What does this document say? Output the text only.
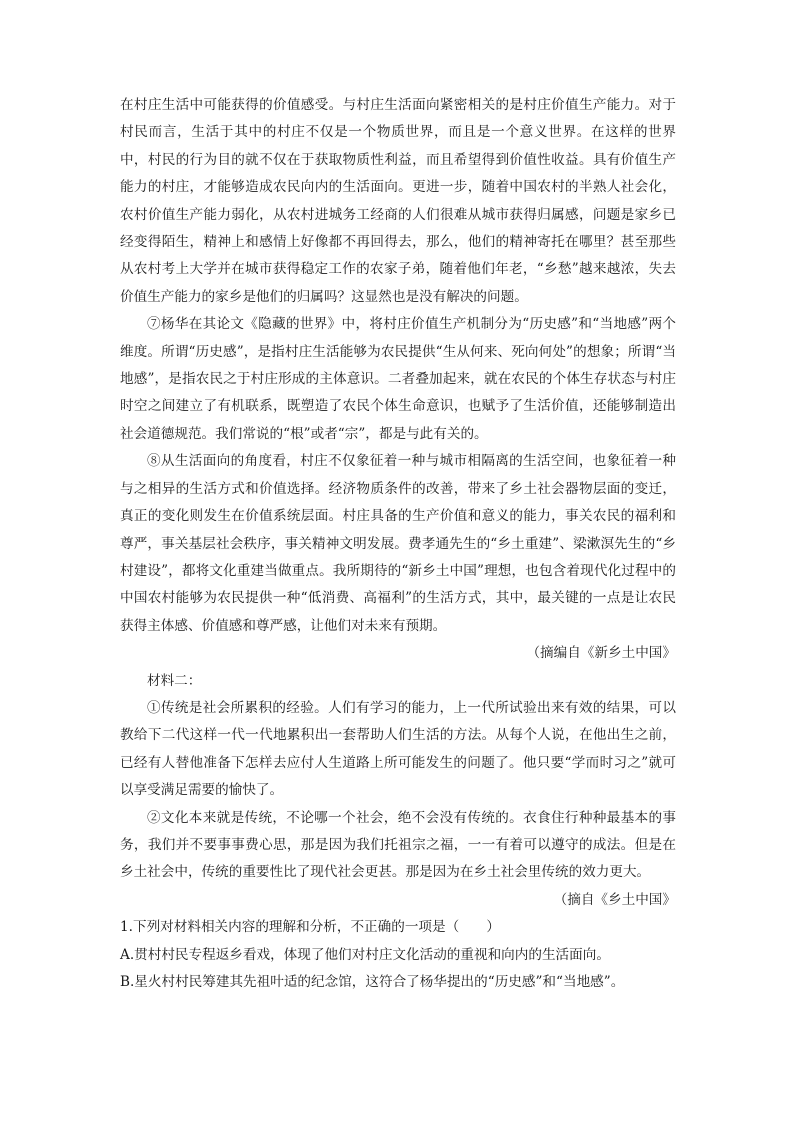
在村庄生活中可能获得的价值感受。与村庄生活面向紧密相关的是村庄价值生产能力。对于村民而言，生活于其中的村庄不仅是一个物质世界，而且是一个意义世界。在这样的世界中，村民的行为目的就不仅在于获取物质性利益，而且希望得到价值性收益。具有价值生产能力的村庄，才能够造成农民向内的生活面向。更进一步，随着中国农村的半熟人社会化，农村价值生产能力弱化，从农村进城务工经商的人们很难从城市获得归属感，问题是家乡已经变得陌生，精神上和感情上好像都不再回得去，那么，他们的精神寄托在哪里？甚至那些从农村考上大学并在城市获得稳定工作的农家子弟，随着他们年老，“乡愁”越来越浓，失去价值生产能力的家乡是他们的归属吗？这显然也是没有解决的问题。

⑦杨华在其论文《隐藏的世界》中，将村庄价值生产机制分为“历史感”和“当地感”两个维度。所谓“历史感”，是指村庄生活能够为农民提供“生从何来、死向何处”的想象；所谓“当地感”，是指农民之于村庄形成的主体意识。二者叠加起来，就在农民的个体生存状态与村庄时空之间建立了有机联系，既塑造了农民个体生命意识，也赋予了生活价值，还能够制造出社会道德规范。我们常说的“根”或者“宗”，都是与此有关的。

⑧从生活面向的角度看，村庄不仅象征着一种与城市相隔离的生活空间，也象征着一种与之相异的生活方式和价值选择。经济物质条件的改善，带来了乡土社会器物层面的变迁，真正的变化则发生在价值系统层面。村庄具备的生产价值和意义的能力，事关农民的福利和尊严，事关基层社会秩序，事关精神文明发展。费孝通先生的“乡土重建”、梁漱溟先生的“乡村建设”，都将文化重建当做重点。我所期待的“新乡土中国”理想，也包含着现代化过程中的中国农村能够为农民提供一种“低消费、高福利”的生活方式，其中，最关键的一点是让农民获得主体感、价值感和尊严感，让他们对未来有预期。

（摘编自《新乡土中国》

材料二：

①传统是社会所累积的经验。人们有学习的能力，上一代所试验出来有效的结果，可以教给下二代这样一代一代地累积出一套帮助人们生活的方法。从每个人说，在他出生之前，已经有人替他准备下怎样去应付人生道路上所可能发生的问题了。他只要“学而时习之”就可以享受满足需要的愉快了。

②文化本来就是传统，不论哪一个社会，绝不会没有传统的。衣食住行种种最基本的事务，我们并不要事事费心思，那是因为我们托祖宗之福，一一有着可以遵守的成法。但是在乡土社会中，传统的重要性比了现代社会更甚。那是因为在乡土社会里传统的效力更大。

（摘自《乡土中国》

1.下列对材料相关内容的理解和分析，不正确的一项是（　　）

A.贯村村民专程返乡看戏，体现了他们对村庄文化活动的重视和向内的生活面向。

B.星火村村民筹建其先祖叶适的纪念馆，这符合了杨华提出的“历史感”和“当地感”。
